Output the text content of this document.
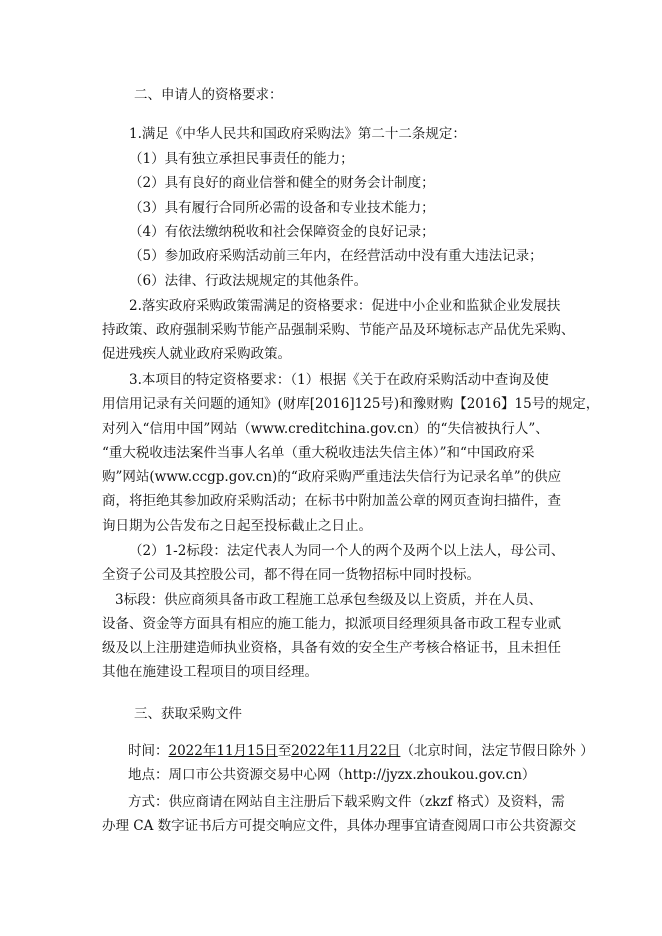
二、申请人的资格要求：
1.满足《中华人民共和国政府采购法》第二十二条规定：
（1）具有独立承担民事责任的能力；
（2）具有良好的商业信誉和健全的财务会计制度；
（3）具有履行合同所必需的设备和专业技术能力；
（4）有依法缴纳税收和社会保障资金的良好记录；
（5）参加政府采购活动前三年内，在经营活动中没有重大违法记录；
（6）法律、行政法规规定的其他条件。
2.落实政府采购政策需满足的资格要求：促进中小企业和监狱企业发展扶
持政策、政府强制采购节能产品强制采购、节能产品及环境标志产品优先采购、
促进残疾人就业政府采购政策。
3.本项目的特定资格要求：（1）根据《关于在政府采购活动中查询及使
用信用记录有关问题的通知》(财库[2016]125号)和豫财购【2016】15号的规定，
对列入“信用中国”网站（www.creditchina.gov.cn）的“失信被执行人”、
“重大税收违法案件当事人名单（重大税收违法失信主体）”和“中国政府采
购”网站(www.ccgp.gov.cn)的“政府采购严重违法失信行为记录名单”的供应
商，将拒绝其参加政府采购活动；在标书中附加盖公章的网页查询扫描件，查
询日期为公告发布之日起至投标截止之日止。
（2）1-2标段：法定代表人为同一个人的两个及两个以上法人，母公司、
全资子公司及其控股公司，都不得在同一货物招标中同时投标。
3标段：供应商须具备市政工程施工总承包叁级及以上资质，并在人员、
设备、资金等方面具有相应的施工能力，拟派项目经理须具备市政工程专业贰
级及以上注册建造师执业资格，具备有效的安全生产考核合格证书，且未担任
其他在施建设工程项目的项目经理。
三、获取采购文件
时间：2022年11月15日至2022年11月22日（北京时间，法定节假日除外 ）
地点：周口市公共资源交易中心网（http://jyzx.zhoukou.gov.cn）
方式：供应商请在网站自主注册后下载采购文件（zkzf 格式）及资料，需
办理 CA 数字证书后方可提交响应文件，具体办理事宜请查阅周口市公共资源交
